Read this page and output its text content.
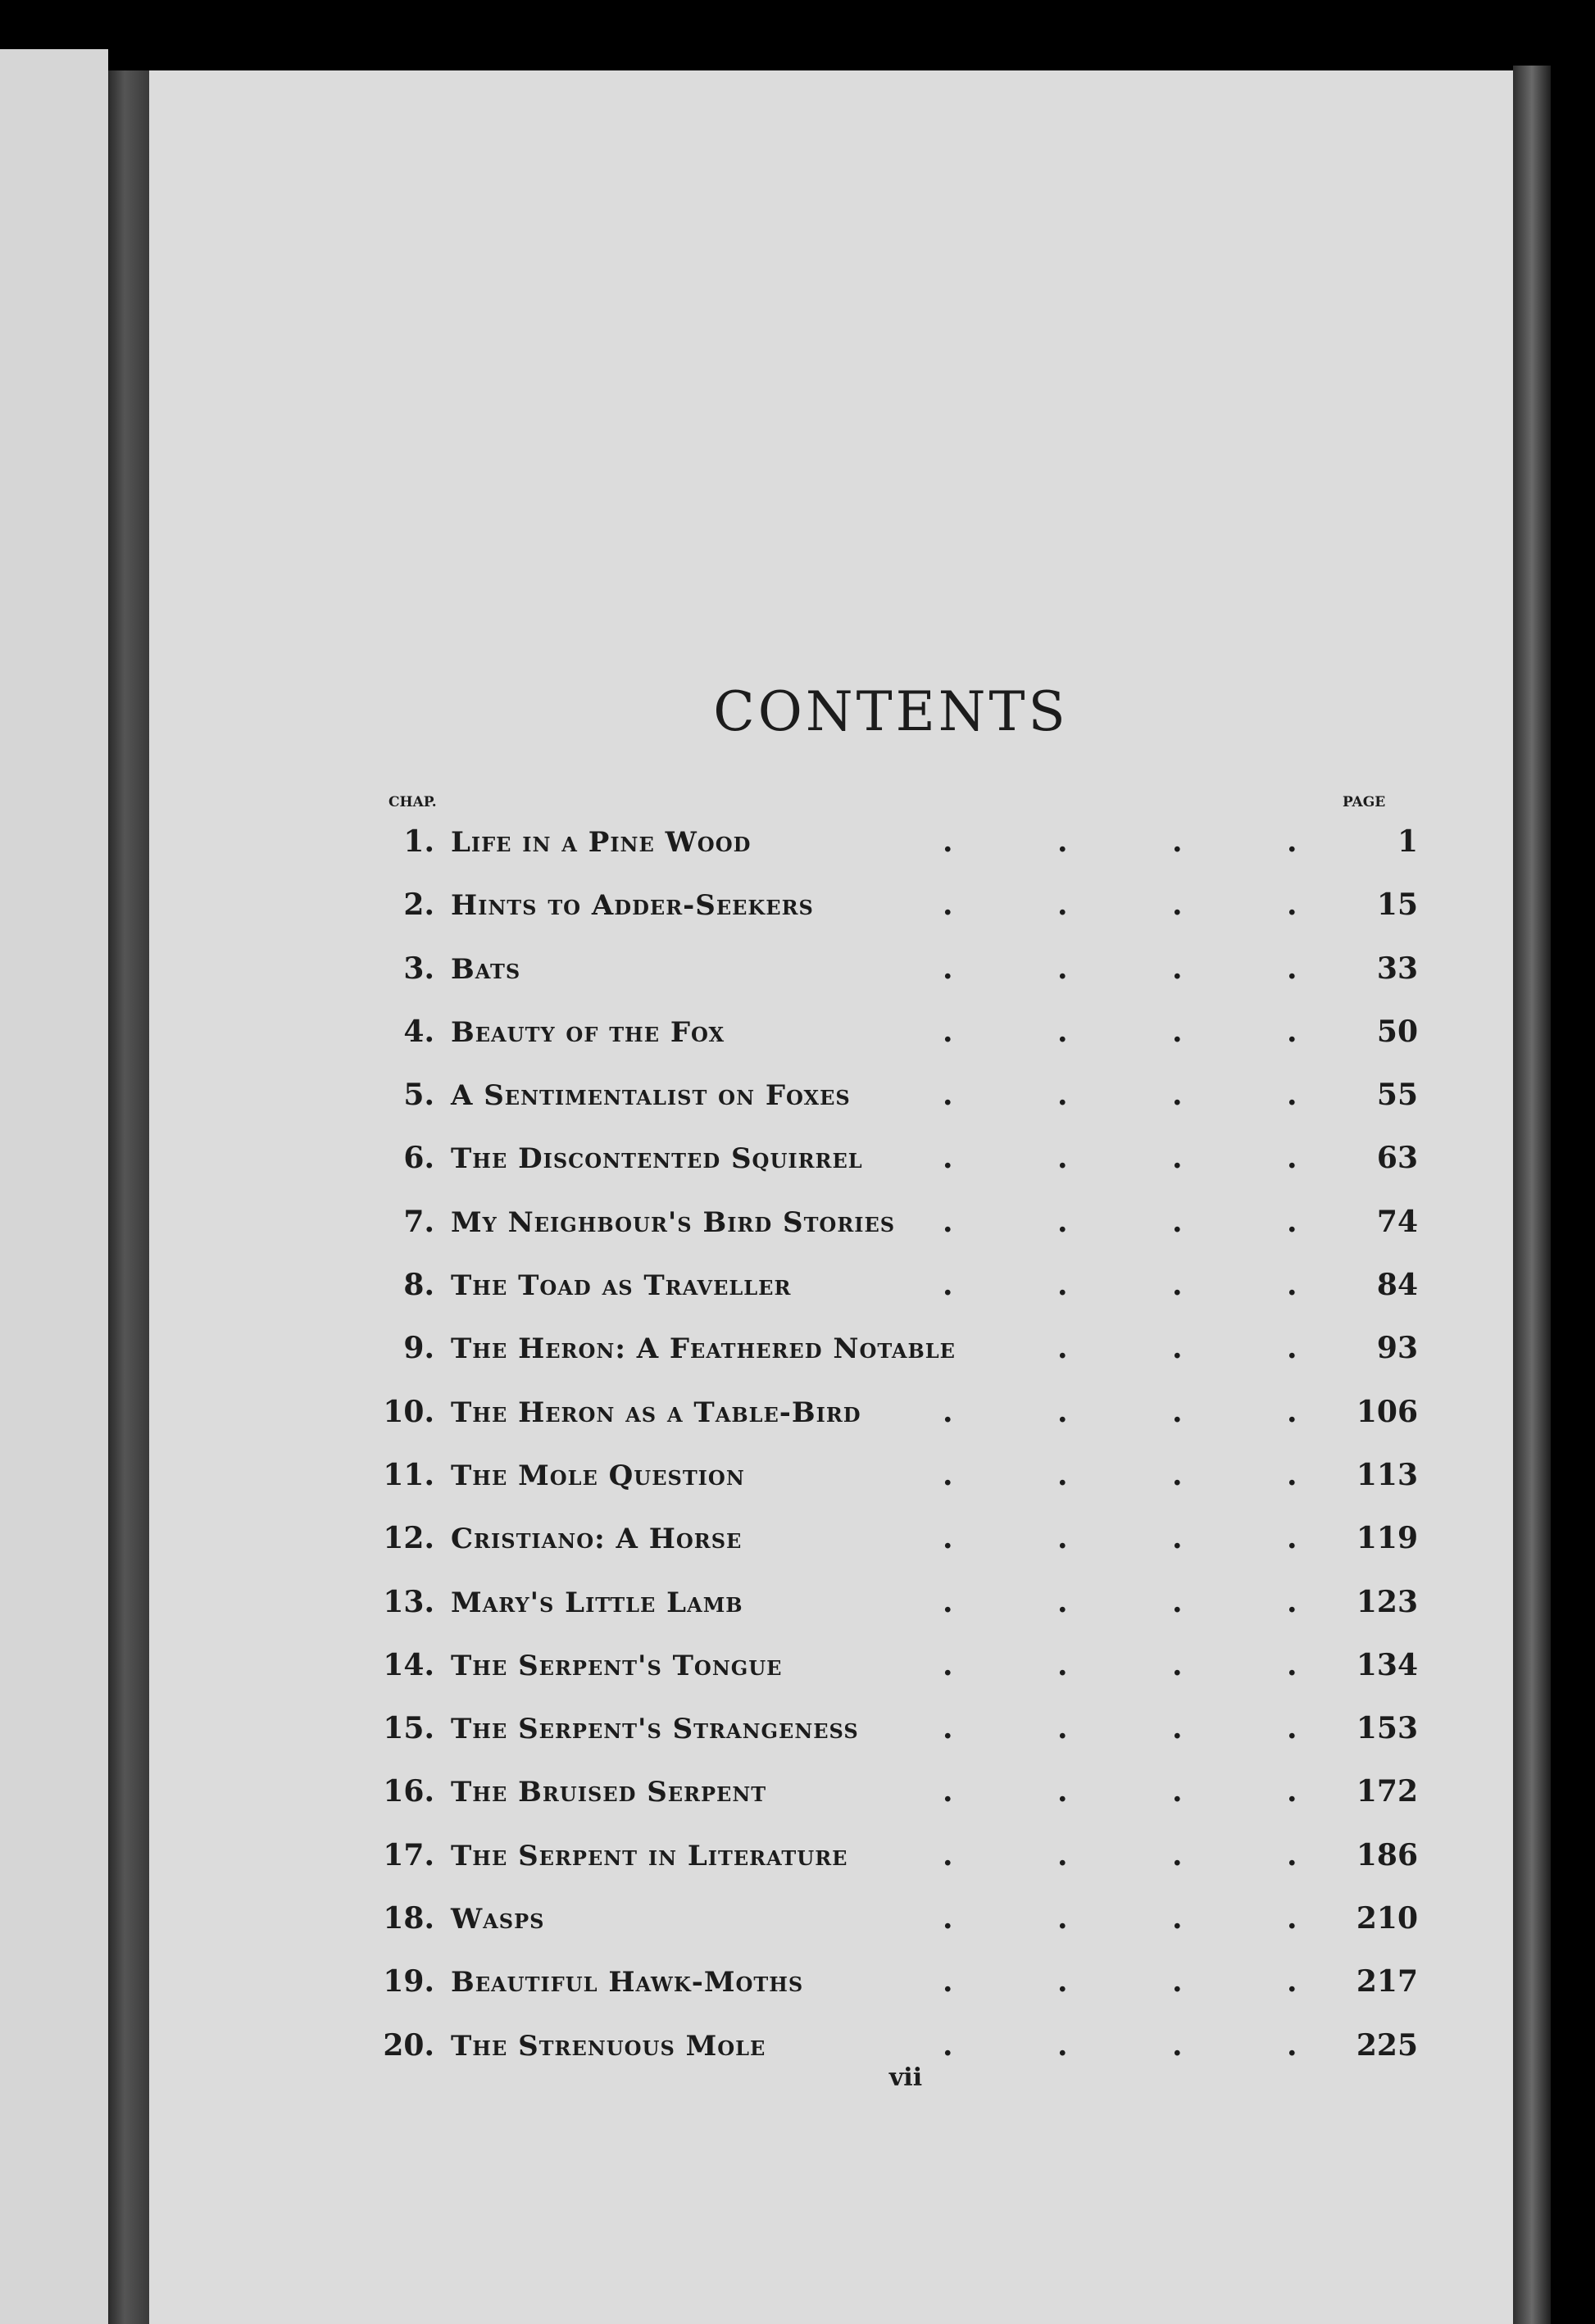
CONTENTS
CHAP.	PAGE
1. Life in a Pine Wood	.	.	.	.	1
2. Hints to Adder-Seekers	.	.	.	.	15
3. Bats	.	.	.	.	33
4. Beauty of the Fox	.	.	.	.	50
5. A Sentimentalist on Foxes	.	.	.	.	55
6. The Discontented Squirrel	.	.	.	.	63
7. My Neighbour's Bird Stories .	.	.	.	74
8. The Toad as Traveller	.	.	.	.	84
9. The Heron: A Feathered Notable	.	.	.	93
10. The Heron as a Table-Bird	.	.	.	. 106
11. The Mole Question	.	.	.	. 113
12. Cristiano: A Horse	.	.	.	. 119
13. Mary's Little Lamb	.	.	.	. 123
14. The Serpent's Tongue	.	.	.	. 134
15. The Serpent's Strangeness	.	.	.	. 153
16. The Bruised Serpent	.	.	.	. 172
17. The Serpent in Literature	.	.	.	. 186
18. Wasps	.	.	.	. 210
19. Beautiful Hawk-Moths	.	.	.	. 217
20. The Strenuous Mole	.	.	.	. 225
vii
